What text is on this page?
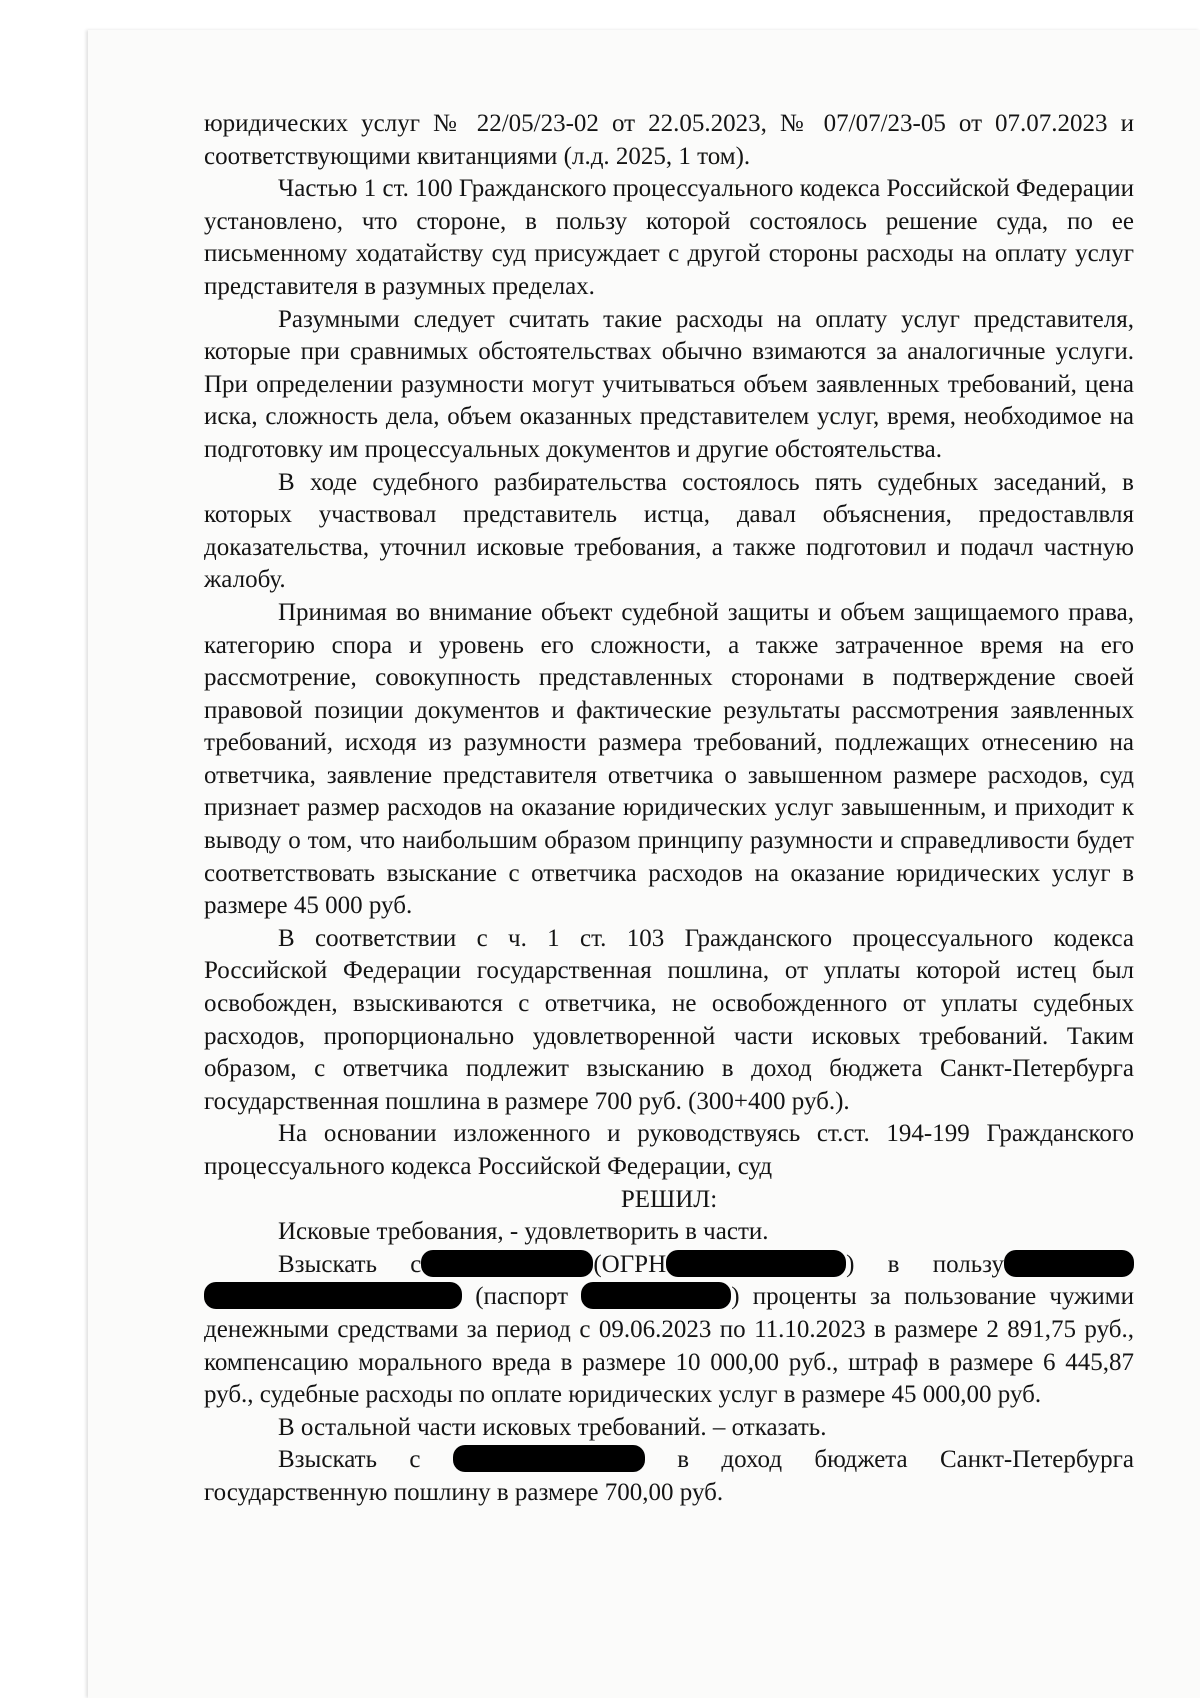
юридических услуг № 22/05/23-02 от 22.05.2023, № 07/07/23-05 от 07.07.2023 и соответствующими квитанциями (л.д. 2025, 1 том).

Частью 1 ст. 100 Гражданского процессуального кодекса Российской Федерации установлено, что стороне, в пользу которой состоялось решение суда, по ее письменному ходатайству суд присуждает с другой стороны расходы на оплату услуг представителя в разумных пределах.

Разумными следует считать такие расходы на оплату услуг представителя, которые при сравнимых обстоятельствах обычно взимаются за аналогичные услуги. При определении разумности могут учитываться объем заявленных требований, цена иска, сложность дела, объем оказанных представителем услуг, время, необходимое на подготовку им процессуальных документов и другие обстоятельства.

В ходе судебного разбирательства состоялось пять судебных заседаний, в которых участвовал представитель истца, давал объяснения, предоставлвля доказательства, уточнил исковые требования, а также подготовил и подачл частную жалобу.

Принимая во внимание объект судебной защиты и объем защищаемого права, категорию спора и уровень его сложности, а также затраченное время на его рассмотрение, совокупность представленных сторонами в подтверждение своей правовой позиции документов и фактические результаты рассмотрения заявленных требований, исходя из разумности размера требований, подлежащих отнесению на ответчика, заявление представителя ответчика о завышенном размере расходов, суд признает размер расходов на оказание юридических услуг завышенным, и приходит к выводу о том, что наибольшим образом принципу разумности и справедливости будет соответствовать взыскание с ответчика расходов на оказание юридических услуг в размере 45 000 руб.

В соответствии с ч. 1 ст. 103 Гражданского процессуального кодекса Российской Федерации государственная пошлина, от уплаты которой истец был освобожден, взыскиваются с ответчика, не освобожденного от уплаты судебных расходов, пропорционально удовлетворенной части исковых требований. Таким образом, с ответчика подлежит взысканию в доход бюджета Санкт-Петербурга государственная пошлина в размере 700 руб. (300+400 руб.).

На основании изложенного и руководствуясь ст.ст. 194-199 Гражданского процессуального кодекса Российской Федерации, суд

РЕШИЛ:

Исковые требования, - удовлетворить в части.

Взыскать с	(ОГРН	) в пользу

(паспорт	) проценты за пользование чужими денежными средствами за период с 09.06.2023 по 11.10.2023 в размере 2 891,75 руб., компенсацию морального вреда в размере 10 000,00 руб., штраф в размере 6 445,87 руб., судебные расходы по оплате юридических услуг в размере 45 000,00 руб.

В остальной части исковых требований. – отказать.

Взыскать с	в доход бюджета Санкт-Петербурга государственную пошлину в размере 700,00 руб.
